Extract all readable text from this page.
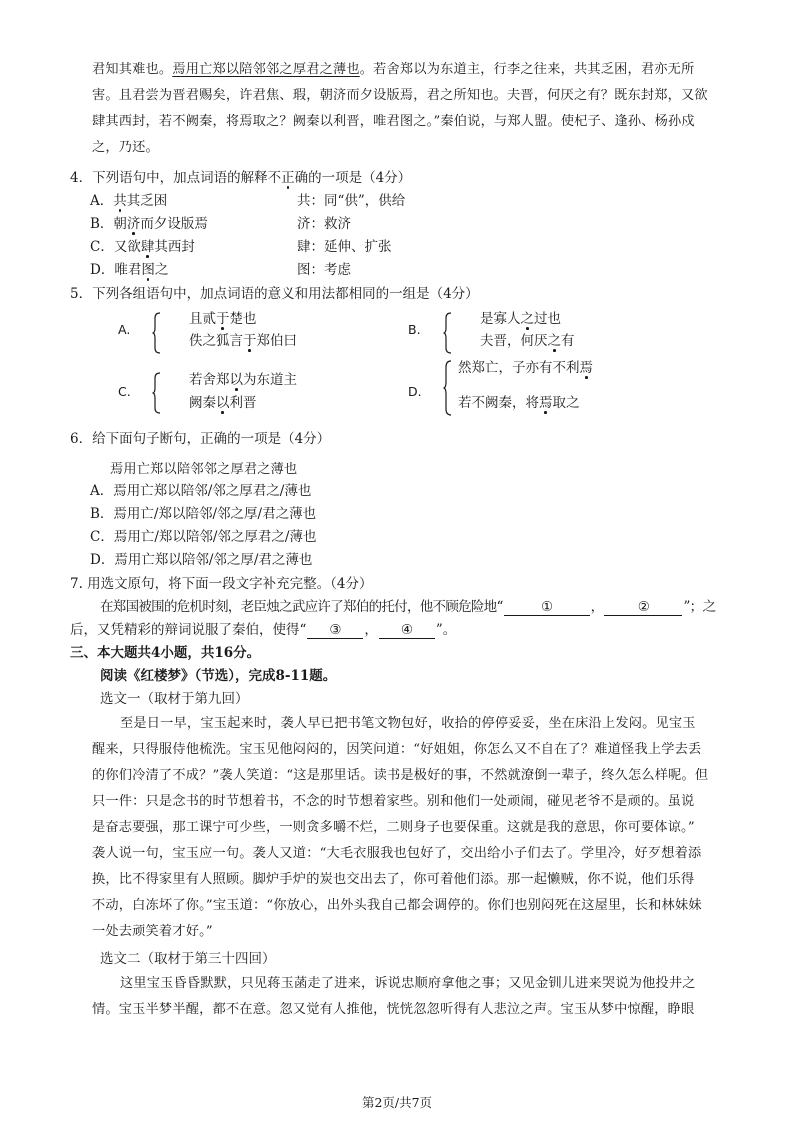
君知其难也。焉用亡郑以陪邻邻之厚君之薄也。若舍郑以为东道主，行李之往来，共其乏困，君亦无所
害。且君尝为晋君赐矣，许君焦、瑕，朝济而夕设版焉，君之所知也。夫晋，何厌之有？既东封郑，又欲
肆其西封，若不阙秦，将焉取之？阙秦以利晋，唯君图之。”秦伯说，与郑人盟。使杞子、逢孙、杨孙戍
之，乃还。
4．下列语句中，加点词语的解释不正确的一项是（4分）
A．共其乏困	共：同“供”，供给
B．朝济而夕设版焉	济：救济
C．又欲肆其西封	肆：延伸、扩张
D．唯君图之	图：考虑
5．下列各组语句中，加点词语的意义和用法都相同的一组是（4分）
A.
且贰于楚也
佚之狐言于郑伯曰
B.
是寡人之过也
夫晋，何厌之有
C.
若舍郑以为东道主
阙秦以利晋
D.
然郑亡，子亦有不利焉
若不阙秦，将焉取之
6．给下面句子断句，正确的一项是（4分）
焉用亡郑以陪邻邻之厚君之薄也
A．焉用亡郑以陪邻/邻之厚君之/薄也
B．焉用亡/郑以陪邻/邻之厚/君之薄也
C．焉用亡/郑以陪邻/邻之厚君之/薄也
D．焉用亡郑以陪邻/邻之厚/君之薄也
7. 用选文原句，将下面一段文字补充完整。（4分）
在郑国被围的危机时刻，老臣烛之武应许了郑伯的托付，他不顾危险地“	①	，	②	”；之
后，又凭精彩的辩词说服了秦伯，使得“ ③ ， ④ ”。
三、本大题共4小题，共16分。
阅读《红楼梦》（节选），完成8-11题。
选文一（取材于第九回）
至是日一早，宝玉起来时，袭人早已把书笔文物包好，收拾的停停妥妥，坐在床沿上发闷。见宝玉
醒来，只得服侍他梳洗。宝玉见他闷闷的，因笑问道：“好姐姐，你怎么又不自在了？难道怪我上学去丢
的你们冷清了不成？”袭人笑道：“这是那里话。读书是极好的事，不然就潦倒一辈子，终久怎么样呢。但
只一件：只是念书的时节想着书，不念的时节想着家些。别和他们一处顽闹，碰见老爷不是顽的。虽说
是奋志要强，那工课宁可少些，一则贪多嚼不烂，二则身子也要保重。这就是我的意思，你可要体谅。”
袭人说一句，宝玉应一句。袭人又道：“大毛衣服我也包好了，交出给小子们去了。学里冷，好歹想着添
换，比不得家里有人照顾。脚炉手炉的炭也交出去了，你可着他们添。那一起懒贼，你不说，他们乐得
不动，白冻坏了你。”宝玉道：“你放心，出外头我自己都会调停的。你们也别闷死在这屋里，长和林妹妹
一处去顽笑着才好。”
选文二（取材于第三十四回）
这里宝玉昏昏默默，只见蒋玉菡走了进来，诉说忠顺府拿他之事；又见金钏儿进来哭说为他投井之
情。宝玉半梦半醒，都不在意。忽又觉有人推他，恍恍忽忽听得有人悲泣之声。宝玉从梦中惊醒，睁眼
第2页/共7页
